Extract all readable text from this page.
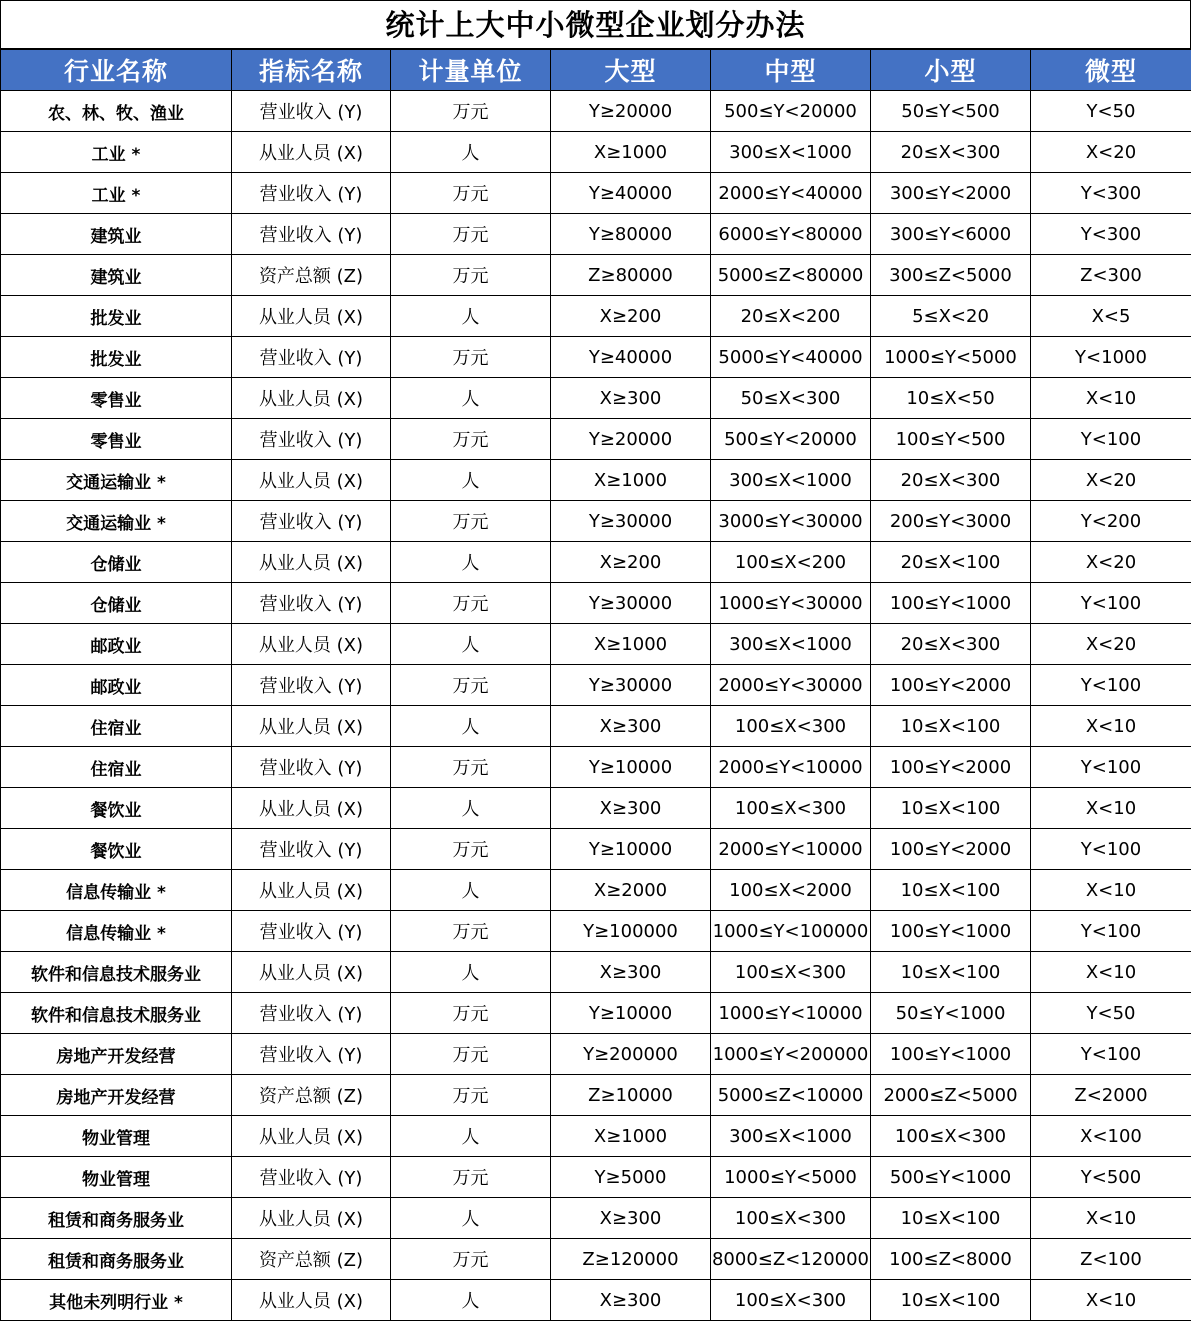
统计上大中小微型企业划分办法
行业名称	指标名称	计量单位	大型	中型	小型	微型
农、林、牧、渔业	营业收入 (Y)	万元	Y≥20000	500≤Y<20000	50≤Y<500	Y<50
工业 *	从业人员 (X)	人	X≥1000	300≤X<1000	20≤X<300	X<20
工业 *	营业收入 (Y)	万元	Y≥40000	2000≤Y<40000	300≤Y<2000	Y<300
建筑业	营业收入 (Y)	万元	Y≥80000	6000≤Y<80000	300≤Y<6000	Y<300
建筑业	资产总额 (Z)	万元	Z≥80000	5000≤Z<80000	300≤Z<5000	Z<300
批发业	从业人员 (X)	人	X≥200	20≤X<200	5≤X<20	X<5
批发业	营业收入 (Y)	万元	Y≥40000	5000≤Y<40000	1000≤Y<5000	Y<1000
零售业	从业人员 (X)	人	X≥300	50≤X<300	10≤X<50	X<10
零售业	营业收入 (Y)	万元	Y≥20000	500≤Y<20000	100≤Y<500	Y<100
交通运输业 *	从业人员 (X)	人	X≥1000	300≤X<1000	20≤X<300	X<20
交通运输业 *	营业收入 (Y)	万元	Y≥30000	3000≤Y<30000	200≤Y<3000	Y<200
仓储业	从业人员 (X)	人	X≥200	100≤X<200	20≤X<100	X<20
仓储业	营业收入 (Y)	万元	Y≥30000	1000≤Y<30000	100≤Y<1000	Y<100
邮政业	从业人员 (X)	人	X≥1000	300≤X<1000	20≤X<300	X<20
邮政业	营业收入 (Y)	万元	Y≥30000	2000≤Y<30000	100≤Y<2000	Y<100
住宿业	从业人员 (X)	人	X≥300	100≤X<300	10≤X<100	X<10
住宿业	营业收入 (Y)	万元	Y≥10000	2000≤Y<10000	100≤Y<2000	Y<100
餐饮业	从业人员 (X)	人	X≥300	100≤X<300	10≤X<100	X<10
餐饮业	营业收入 (Y)	万元	Y≥10000	2000≤Y<10000	100≤Y<2000	Y<100
信息传输业 *	从业人员 (X)	人	X≥2000	100≤X<2000	10≤X<100	X<10
信息传输业 *	营业收入 (Y)	万元	Y≥100000	1000≤Y<100000	100≤Y<1000	Y<100
软件和信息技术服务业	从业人员 (X)	人	X≥300	100≤X<300	10≤X<100	X<10
软件和信息技术服务业	营业收入 (Y)	万元	Y≥10000	1000≤Y<10000	50≤Y<1000	Y<50
房地产开发经营	营业收入 (Y)	万元	Y≥200000	1000≤Y<200000	100≤Y<1000	Y<100
房地产开发经营	资产总额 (Z)	万元	Z≥10000	5000≤Z<10000	2000≤Z<5000	Z<2000
物业管理	从业人员 (X)	人	X≥1000	300≤X<1000	100≤X<300	X<100
物业管理	营业收入 (Y)	万元	Y≥5000	1000≤Y<5000	500≤Y<1000	Y<500
租赁和商务服务业	从业人员 (X)	人	X≥300	100≤X<300	10≤X<100	X<10
租赁和商务服务业	资产总额 (Z)	万元	Z≥120000	8000≤Z<120000	100≤Z<8000	Z<100
其他未列明行业 *	从业人员 (X)	人	X≥300	100≤X<300	10≤X<100	X<10
